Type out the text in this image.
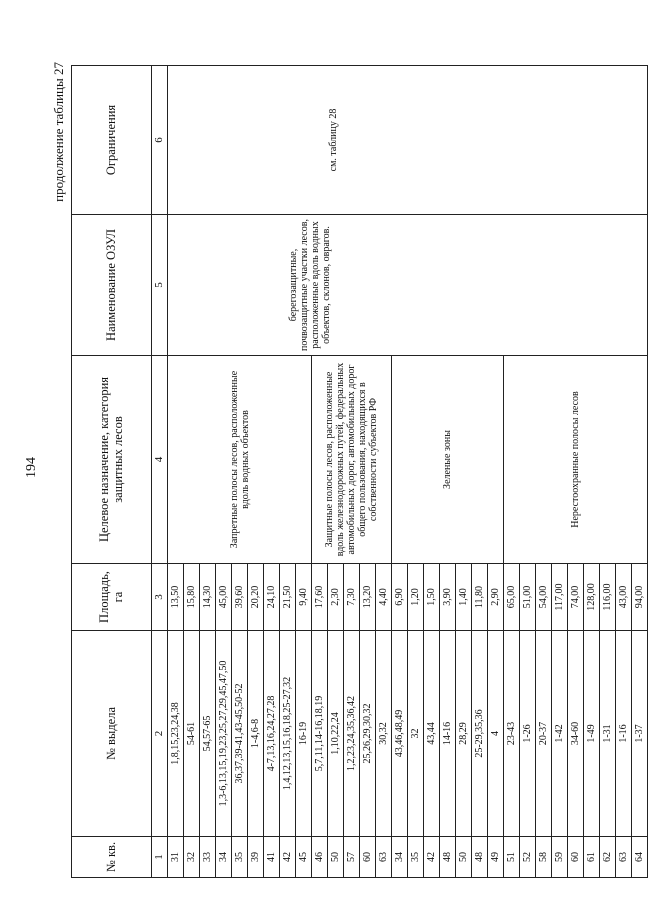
194
продолжение таблицы 27
№ кв.	№ выдела	Площадь, га	Целевое назначение, категория защитных лесов	Наименование ОЗУЛ	Ограничения
1	2	3	4	5	6
31	1,8,15,23,24,38	13,50	Запретные полосы лесов, расположенные вдоль водных объектов	берегозащитные, почвозащитные участки лесов, расположенные вдоль водных объектов, склонов, оврагов.	см. таблицу 28
32	54-61	15,80			
33	54,57-65	14,30			
34	1,3-6,13,15,19,23,25,27,29,45,47,50	45,00			
35	36,37,39-41,43-45,50-52	39,60			
39	1-4,6-8	20,20			
41	4-7,13,16,24,27,28	24,10			
42	1,4,12,13,15,16,18,25-27,32	21,50			
45	16-19	9,40			
46	5,7,11,14-16,18,19	17,60	Защитные полосы лесов, расположенные вдоль железнодорожных путей, федеральных автомобильных дорог, автомобильных дорог общего пользования, находящихся в собственности субъектов РФ		
50	1,10,22,24	2,30			
57	1,2,23,24,35,36,42	7,30			
60	25,26,29,30,32	13,20			
63	30,32	4,40			
34	43,46,48,49	6,90	Зеленые зоны		
35	32	1,20			
42	43,44	1,50			
48	14-16	3,90			
50	28,29	1,40			
48	25-29,35,36	11,80			
49	4	2,90			
51	23-43	65,00	Нерестоохранные полосы лесов		
52	1-26	51,00			
58	20-37	54,00			
59	1-42	117,00			
60	34-60	74,00			
61	1-49	128,00			
62	1-31	116,00			
63	1-16	43,00			
64	1-37	94,00			
